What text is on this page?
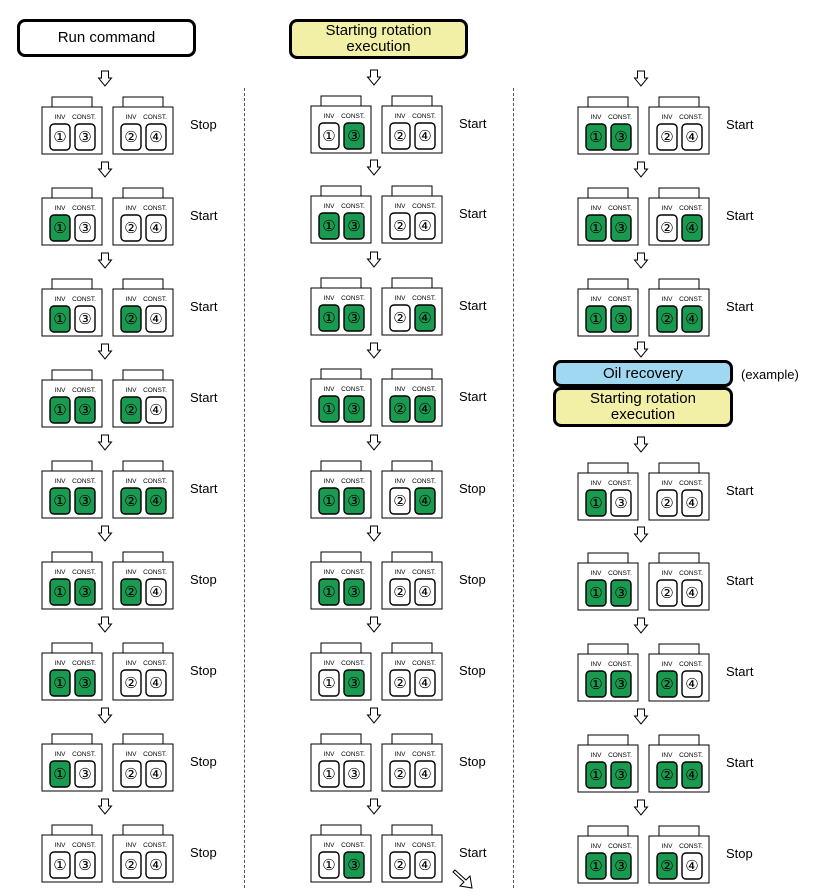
Run command	Starting rotation
execution
Oil recovery	(example)
Starting rotation
execution
Stop
INV CONST.
① ③
INV CONST.
② ④
Start
INV CONST.
① ③
INV CONST.
② ④
Start
INV CONST.
① ③
INV CONST.
② ④
Start
INV CONST.
① ③
INV CONST.
② ④
Start
INV CONST.
① ③
INV CONST.
② ④
Stop
INV CONST.
① ③
INV CONST.
② ④
Stop
INV CONST.
① ③
INV CONST.
② ④
Stop
INV CONST.
① ③
INV CONST.
② ④
Stop
INV CONST.
① ③
INV CONST.
② ④
Start
INV CONST.
① ③
INV CONST.
② ④
Start
INV CONST.
① ③
INV CONST.
② ④
Start
INV CONST.
① ③
INV CONST.
② ④
Start
INV CONST.
① ③
INV CONST.
② ④
Stop
INV CONST.
① ③
INV CONST.
② ④
Stop
INV CONST.
① ③
INV CONST.
② ④
Stop
INV CONST.
① ③
INV CONST.
② ④
Stop
INV CONST.
① ③
INV CONST.
② ④
Start
INV CONST.
① ③
INV CONST.
② ④
Start
INV CONST.
① ③
INV CONST.
② ④
Start
INV CONST.
① ③
INV CONST.
② ④
Start
INV CONST.
① ③
INV CONST.
② ④
Start
INV CONST.
① ③
INV CONST.
② ④
Start
INV CONST.
① ③
INV CONST.
② ④
Start
INV CONST.
① ③
INV CONST.
② ④
Start
INV CONST.
① ③
INV CONST.
② ④
Stop
INV CONST.
① ③
INV CONST.
② ④
